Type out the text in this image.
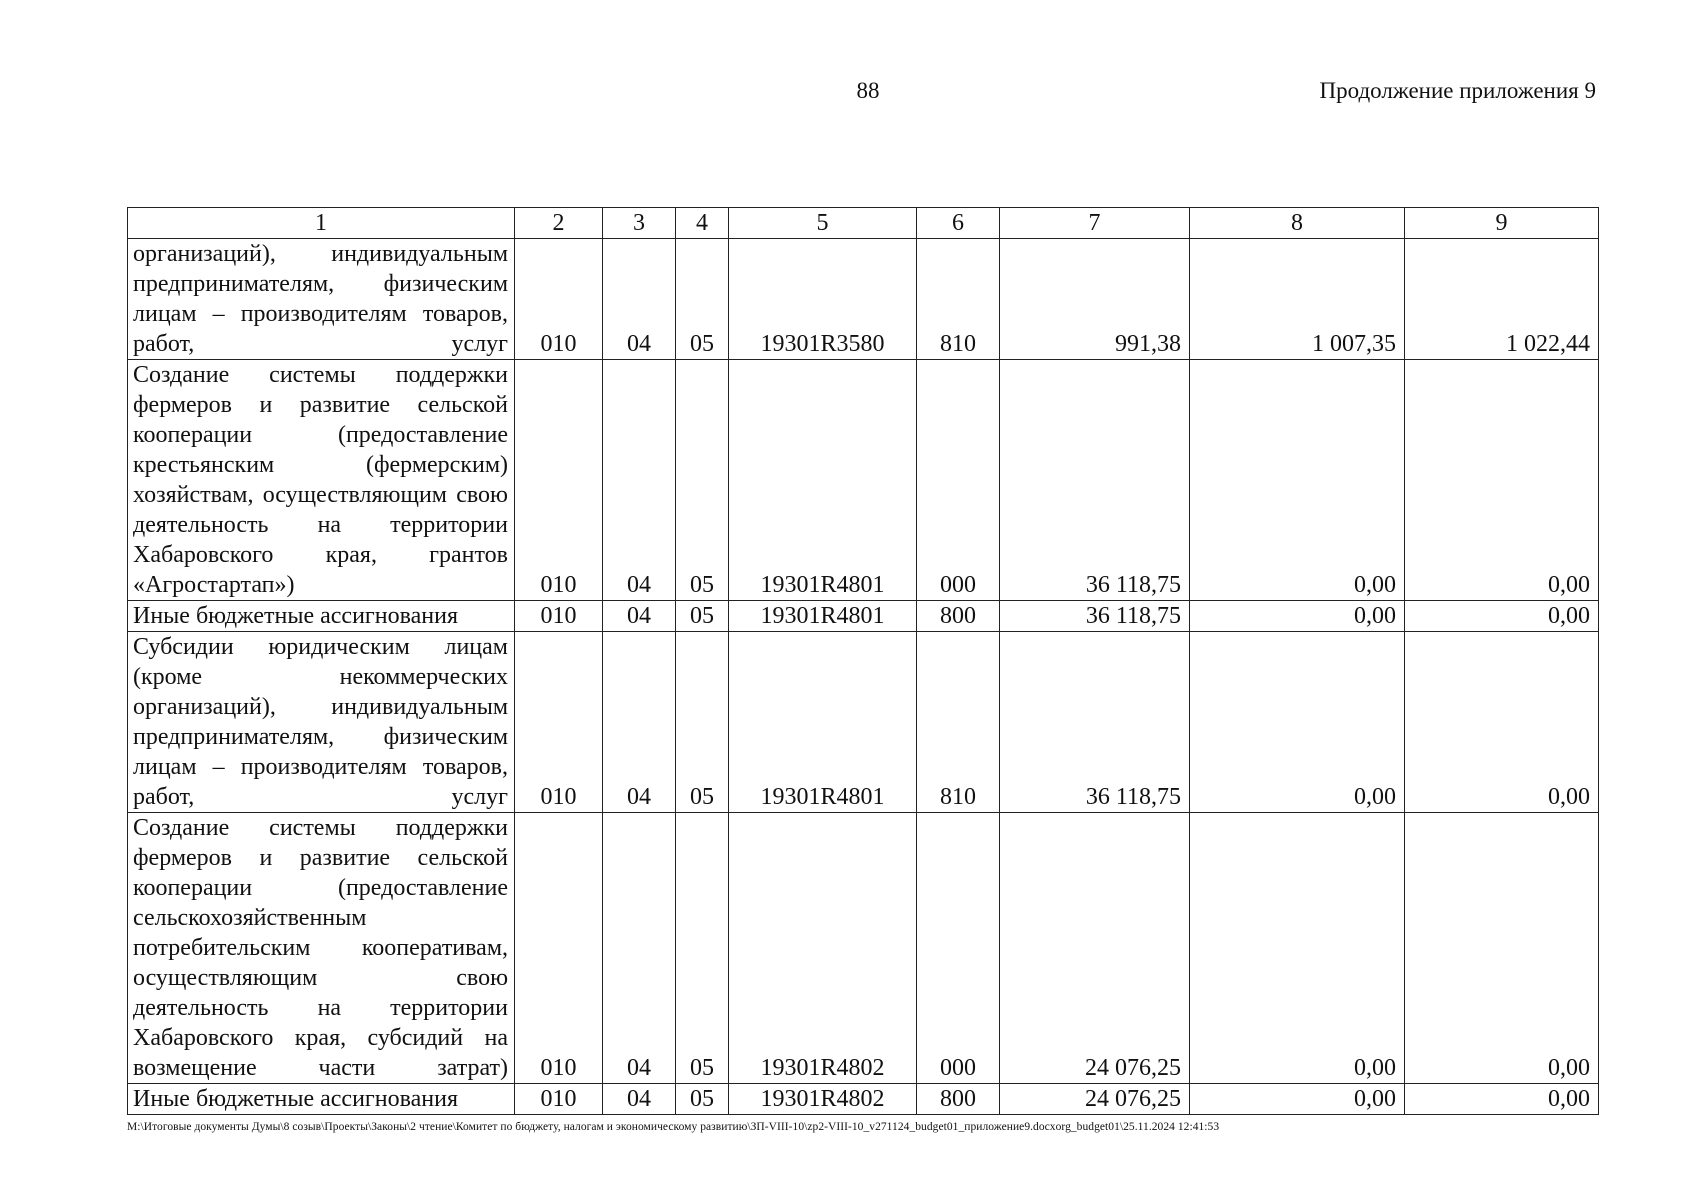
88	Продолжение приложения 9
1	2	3	4	5	6	7	8	9
организаций), индивидуальным предпринимателям, физическим лицам – производителям товаров, работ, услуг	010	04	05	19301R3580	810	991,38	1 007,35	1 022,44
Создание системы поддержки фермеров и развитие сельской кооперации (предоставление крестьянским (фермерским) хозяйствам, осуществляющим свою деятельность на территории Хабаровского края, грантов «Агростартап»)	010	04	05	19301R4801	000	36 118,75	0,00	0,00
Иные бюджетные ассигнования	010	04	05	19301R4801	800	36 118,75	0,00	0,00
Субсидии юридическим лицам (кроме некоммерческих организаций), индивидуальным предпринимателям, физическим лицам – производителям товаров, работ, услуг	010	04	05	19301R4801	810	36 118,75	0,00	0,00
Создание системы поддержки фермеров и развитие сельской кооперации (предоставление сельскохозяйственным потребительским кооперативам, осуществляющим свою деятельность на территории Хабаровского края, субсидий на возмещение части затрат)	010	04	05	19301R4802	000	24 076,25	0,00	0,00
Иные бюджетные ассигнования	010	04	05	19301R4802	800	24 076,25	0,00	0,00
М:\Итоговые документы Думы\8 созыв\Проекты\Законы\2 чтение\Комитет по бюджету, налогам и экономическому развитию\ЗП-VIII-10\zp2-VIII-10_v271124_budget01_приложение9.docxorg_budget01\25.11.2024 12:41:53
